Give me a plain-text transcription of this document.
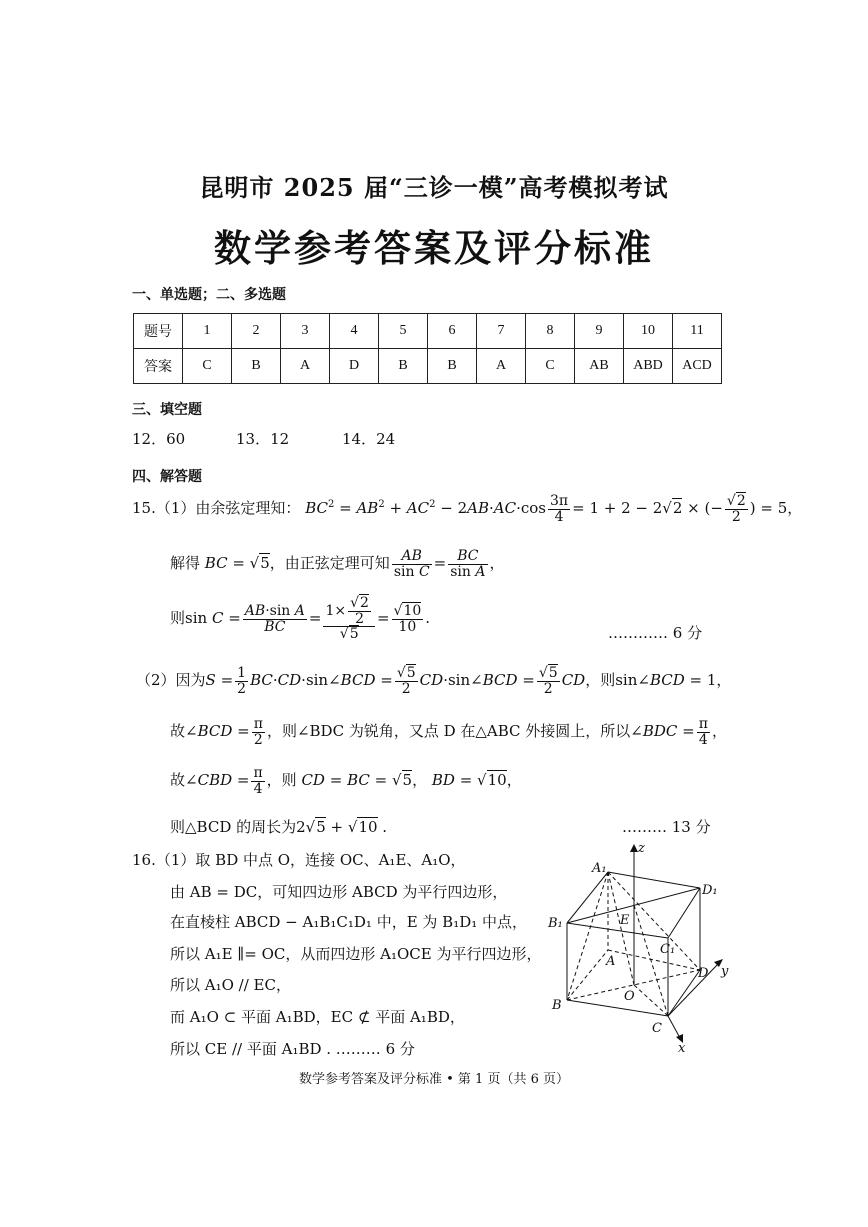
昆明市 2025 届“三诊一模”高考模拟考试
数学参考答案及评分标准
一、单选题；二、多选题
题号	1	2	3	4	5	6	7	8	9	10	11
答案	C	B	A	D	B	B	A	C	AB	ABD	ACD
三、填空题
12．60	13．12	14．24
四、解答题
15.（1）由余弦定理知： $BC^2 = AB^2 + AC^2 - 2AB\cdot AC\cdot\cos \frac{3\pi}{4} = 1 + 2 - 2√2$ × (− $\frac{√2}{2}$ ) = 5，
解得 BC = √5，由正弦定理可知 $\frac{AB}{\text{sin C}} = \frac{BC}{\text{sin A}}$ ，
则$\sin C = \frac{\text{AB·sin A}}{BC} = \frac{1\times \frac{√2}{2}}{√5} = \frac{√10}{10}$ .
………… 6 分
（2）因为$S = \frac{1}{2}$ BC·CD·sin∠BCD = $\frac{√5}{2}$ CD·sin∠BCD = $\frac{√5}{2}$ CD，则sin∠BCD = 1，
故∠BCD = $\frac{\pi}{2}$ ，则∠BDC 为锐角，又点 D 在△ABC 外接圆上，所以∠BDC = $\frac{\pi}{4}$ ，
故∠CBD = $\frac{\pi}{4}$ ，则 CD = BC = √5， BD = √10，
则△BCD 的周长为2√5 + √10 .	……… 13 分
16.（1）取 BD 中点 O，连接 OC、A₁E、A₁O，
由 AB = DC，可知四边形 ABCD 为平行四边形，
在直棱柱 ABCD − A₁B₁C₁D₁ 中，E 为 B₁D₁ 中点，
所以 A₁E ∥= OC，从而四边形 A₁OCE 为平行四边形，
所以 A₁O // EC，
而 A₁O ⊂ 平面 A₁BD，EC ⊄ 平面 A₁BD，
所以 CE // 平面 A₁BD . ……… 6 分
A₁
D₁
B₁
C₁
E
A
D
O
B
C
x
y
z
数学参考答案及评分标准 • 第 1 页（共 6 页）
